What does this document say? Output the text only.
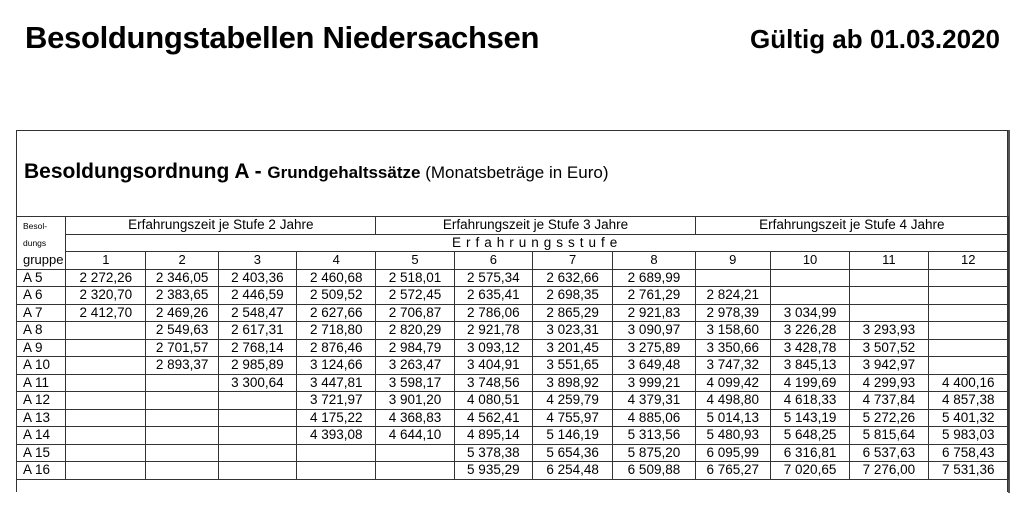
Besoldungstabellen Niedersachsen	Gültig ab 01.03.2020
Besoldungsordnung A - Grundgehaltssätze (Monatsbeträge in Euro)
Besol-	Erfahrungszeit je Stufe 2 Jahre				Erfahrungszeit je Stufe 3 Jahre				Erfahrungszeit je Stufe 4 Jahre			
dungs	Erfahrungsstufe											
gruppe	1	2	3	4	5	6	7	8	9	10	11	12
A 5	2 272,26	2 346,05	2 403,36	2 460,68	2 518,01	2 575,34	2 632,66	2 689,99				
A 6	2 320,70	2 383,65	2 446,59	2 509,52	2 572,45	2 635,41	2 698,35	2 761,29	2 824,21			
A 7	2 412,70	2 469,26	2 548,47	2 627,66	2 706,87	2 786,06	2 865,29	2 921,83	2 978,39	3 034,99		
A 8		2 549,63	2 617,31	2 718,80	2 820,29	2 921,78	3 023,31	3 090,97	3 158,60	3 226,28	3 293,93	
A 9		2 701,57	2 768,14	2 876,46	2 984,79	3 093,12	3 201,45	3 275,89	3 350,66	3 428,78	3 507,52	
A 10		2 893,37	2 985,89	3 124,66	3 263,47	3 404,91	3 551,65	3 649,48	3 747,32	3 845,13	3 942,97	
A 11			3 300,64	3 447,81	3 598,17	3 748,56	3 898,92	3 999,21	4 099,42	4 199,69	4 299,93	4 400,16
A 12				3 721,97	3 901,20	4 080,51	4 259,79	4 379,31	4 498,80	4 618,33	4 737,84	4 857,38
A 13				4 175,22	4 368,83	4 562,41	4 755,97	4 885,06	5 014,13	5 143,19	5 272,26	5 401,32
A 14				4 393,08	4 644,10	4 895,14	5 146,19	5 313,56	5 480,93	5 648,25	5 815,64	5 983,03
A 15						5 378,38	5 654,36	5 875,20	6 095,99	6 316,81	6 537,63	6 758,43
A 16						5 935,29	6 254,48	6 509,88	6 765,27	7 020,65	7 276,00	7 531,36
